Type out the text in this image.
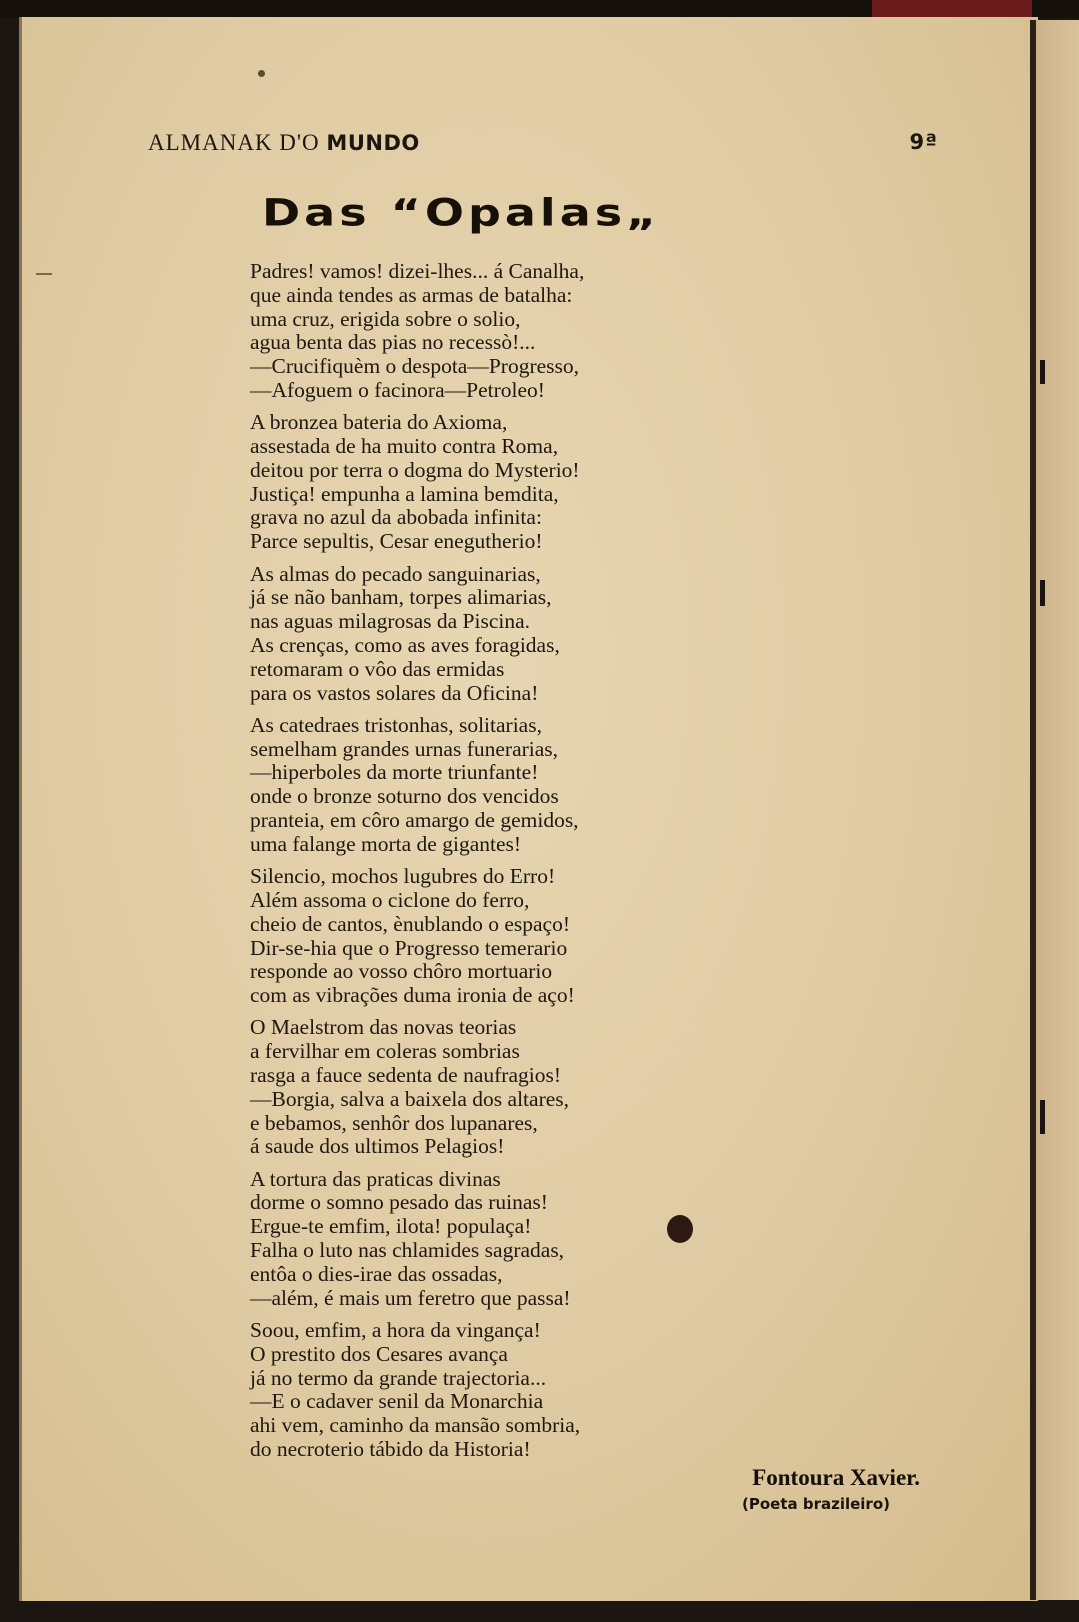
ALMANAK D'O MUNDO	9ª
Das “Opalas„
Padres! vamos! dizei-lhes... á Canalha,
que ainda tendes as armas de batalha:
uma cruz, erigida sobre o solio,
agua benta das pias no recessò!...
—Crucifiquèm o despota—Progresso,
—Afoguem o facinora—Petroleo!
A bronzea bateria do Axioma,
assestada de ha muito contra Roma,
deitou por terra o dogma do Mysterio!
Justiça! empunha a lamina bemdita,
grava no azul da abobada infinita:
Parce sepultis, Cesar enegutherio!
As almas do pecado sanguinarias,
já se não banham, torpes alimarias,
nas aguas milagrosas da Piscina.
As crenças, como as aves foragidas,
retomaram o vôo das ermidas
para os vastos solares da Oficina!
As catedraes tristonhas, solitarias,
semelham grandes urnas funerarias,
—hiperboles da morte triunfante!
onde o bronze soturno dos vencidos
pranteia, em côro amargo de gemidos,
uma falange morta de gigantes!
Silencio, mochos lugubres do Erro!
Além assoma o ciclone do ferro,
cheio de cantos, ènublando o espaço!
Dir-se-hia que o Progresso temerario
responde ao vosso chôro mortuario
com as vibrações duma ironia de aço!
O Maelstrom das novas teorias
a fervilhar em coleras sombrias
rasga a fauce sedenta de naufragios!
—Borgia, salva a baixela dos altares,
e bebamos, senhôr dos lupanares,
á saude dos ultimos Pelagios!
A tortura das praticas divinas
dorme o somno pesado das ruinas!
Ergue-te emfim, ilota! populaça!
Falha o luto nas chlamides sagradas,
entôa o dies-irae das ossadas,
—além, é mais um feretro que passa!
Soou, emfim, a hora da vingança!
O prestito dos Cesares avança
já no termo da grande trajectoria...
—E o cadaver senil da Monarchia
ahi vem, caminho da mansão sombria,
do necroterio tábido da Historia!
Fontoura Xavier.
(Poeta brazileiro)
